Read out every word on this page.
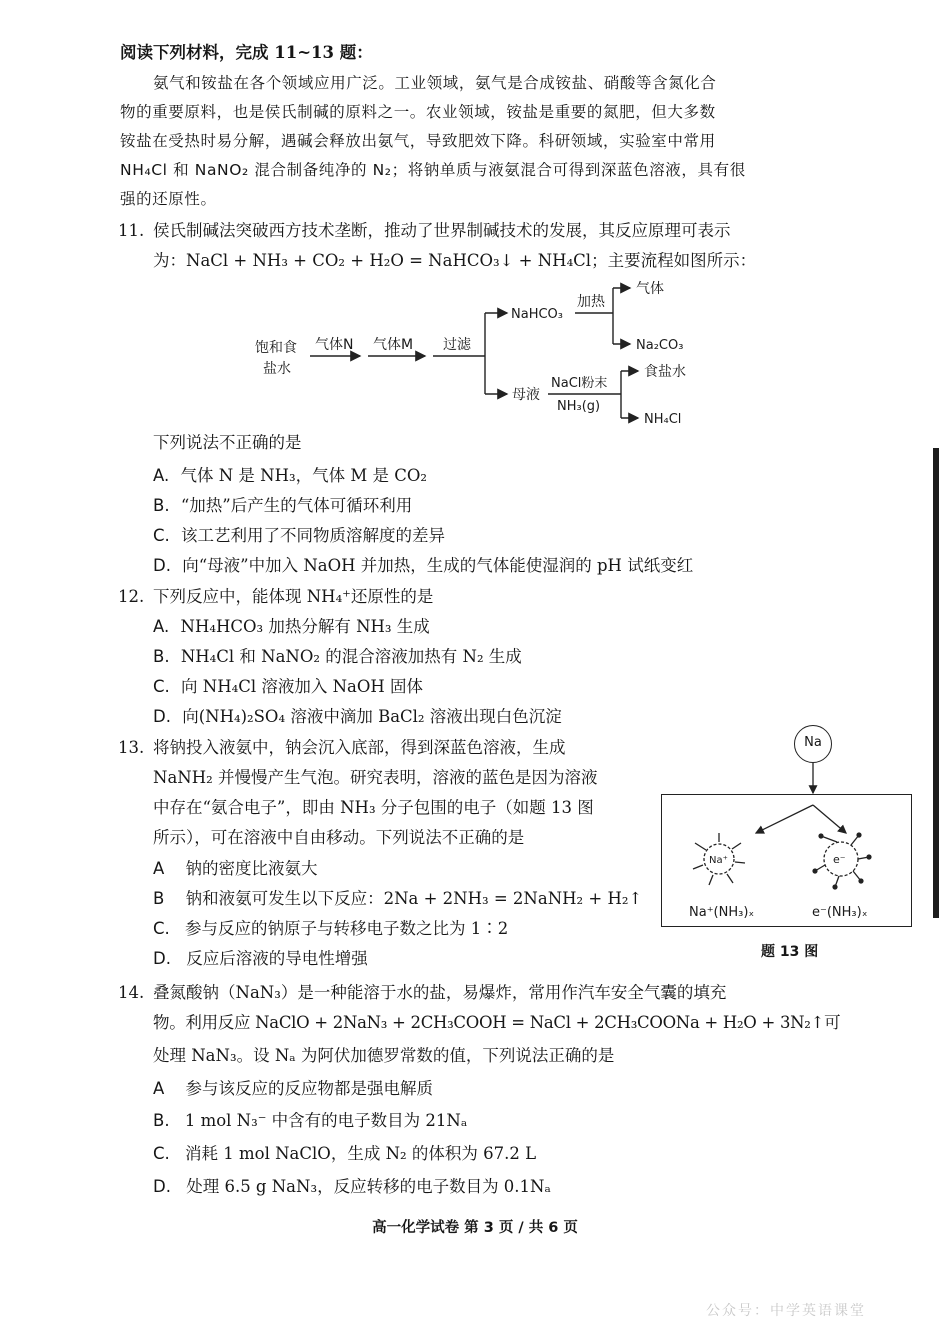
阅读下列材料，完成 11~13 题：
氨气和铵盐在各个领域应用广泛。工业领域，氨气是合成铵盐、硝酸等含氮化合
物的重要原料，也是侯氏制碱的原料之一。农业领域，铵盐是重要的氮肥，但大多数
铵盐在受热时易分解，遇碱会释放出氨气，导致肥效下降。科研领域，实验室中常用
NH₄Cl 和 NaNO₂ 混合制备纯净的 N₂；将钠单质与液氨混合可得到深蓝色溶液，具有很
强的还原性。
11. 侯氏制碱法突破西方技术垄断，推动了世界制碱技术的发展，其反应原理可表示
为：NaCl + NH₃ + CO₂ + H₂O = NaHCO₃↓ + NH₄Cl；主要流程如图所示：
饱和食
盐水
气体N 气体M 过滤
NaHCO₃
加热
气体
Na₂CO₃
母液
NaCl粉末
NH₃(g)
食盐水
NH₄Cl
下列说法不正确的是
A. 气体 N 是 NH₃，气体 M 是 CO₂
B. “加热”后产生的气体可循环利用
C. 该工艺利用了不同物质溶解度的差异
D. 向“母液”中加入 NaOH 并加热，生成的气体能使湿润的 pH 试纸变红
12. 下列反应中，能体现 NH₄⁺还原性的是
A. NH₄HCO₃ 加热分解有 NH₃ 生成
B. NH₄Cl 和 NaNO₂ 的混合溶液加热有 N₂ 生成
C. 向 NH₄Cl 溶液加入 NaOH 固体
D. 向(NH₄)₂SO₄ 溶液中滴加 BaCl₂ 溶液出现白色沉淀
13. 将钠投入液氨中，钠会沉入底部，得到深蓝色溶液，生成
NaNH₂ 并慢慢产生气泡。研究表明，溶液的蓝色是因为溶液
中存在“氨合电子”，即由 NH₃ 分子包围的电子（如题 13 图
所示），可在溶液中自由移动。下列说法不正确的是
A 钠的密度比液氨大
B 钠和液氨可发生以下反应：2Na + 2NH₃ = 2NaNH₂ + H₂↑
C. 参与反应的钠原子与转移电子数之比为 1∶2
D. 反应后溶液的导电性增强
Na
Na⁺	e⁻
Na⁺(NH₃)ₓ	e⁻(NH₃)ₓ
题 13 图
14. 叠氮酸钠（NaN₃）是一种能溶于水的盐，易爆炸，常用作汽车安全气囊的填充
物。利用反应 NaClO + 2NaN₃ + 2CH₃COOH = NaCl + 2CH₃COONa + H₂O + 3N₂↑可
处理 NaN₃。设 Nₐ 为阿伏加德罗常数的值，下列说法正确的是
A 参与该反应的反应物都是强电解质
B. 1 mol N₃⁻ 中含有的电子数目为 21Nₐ
C. 消耗 1 mol NaClO，生成 N₂ 的体积为 67.2 L
D. 处理 6.5 g NaN₃，反应转移的电子数目为 0.1Nₐ
高一化学试卷 第 3 页 / 共 6 页
公众号：中学英语课堂
